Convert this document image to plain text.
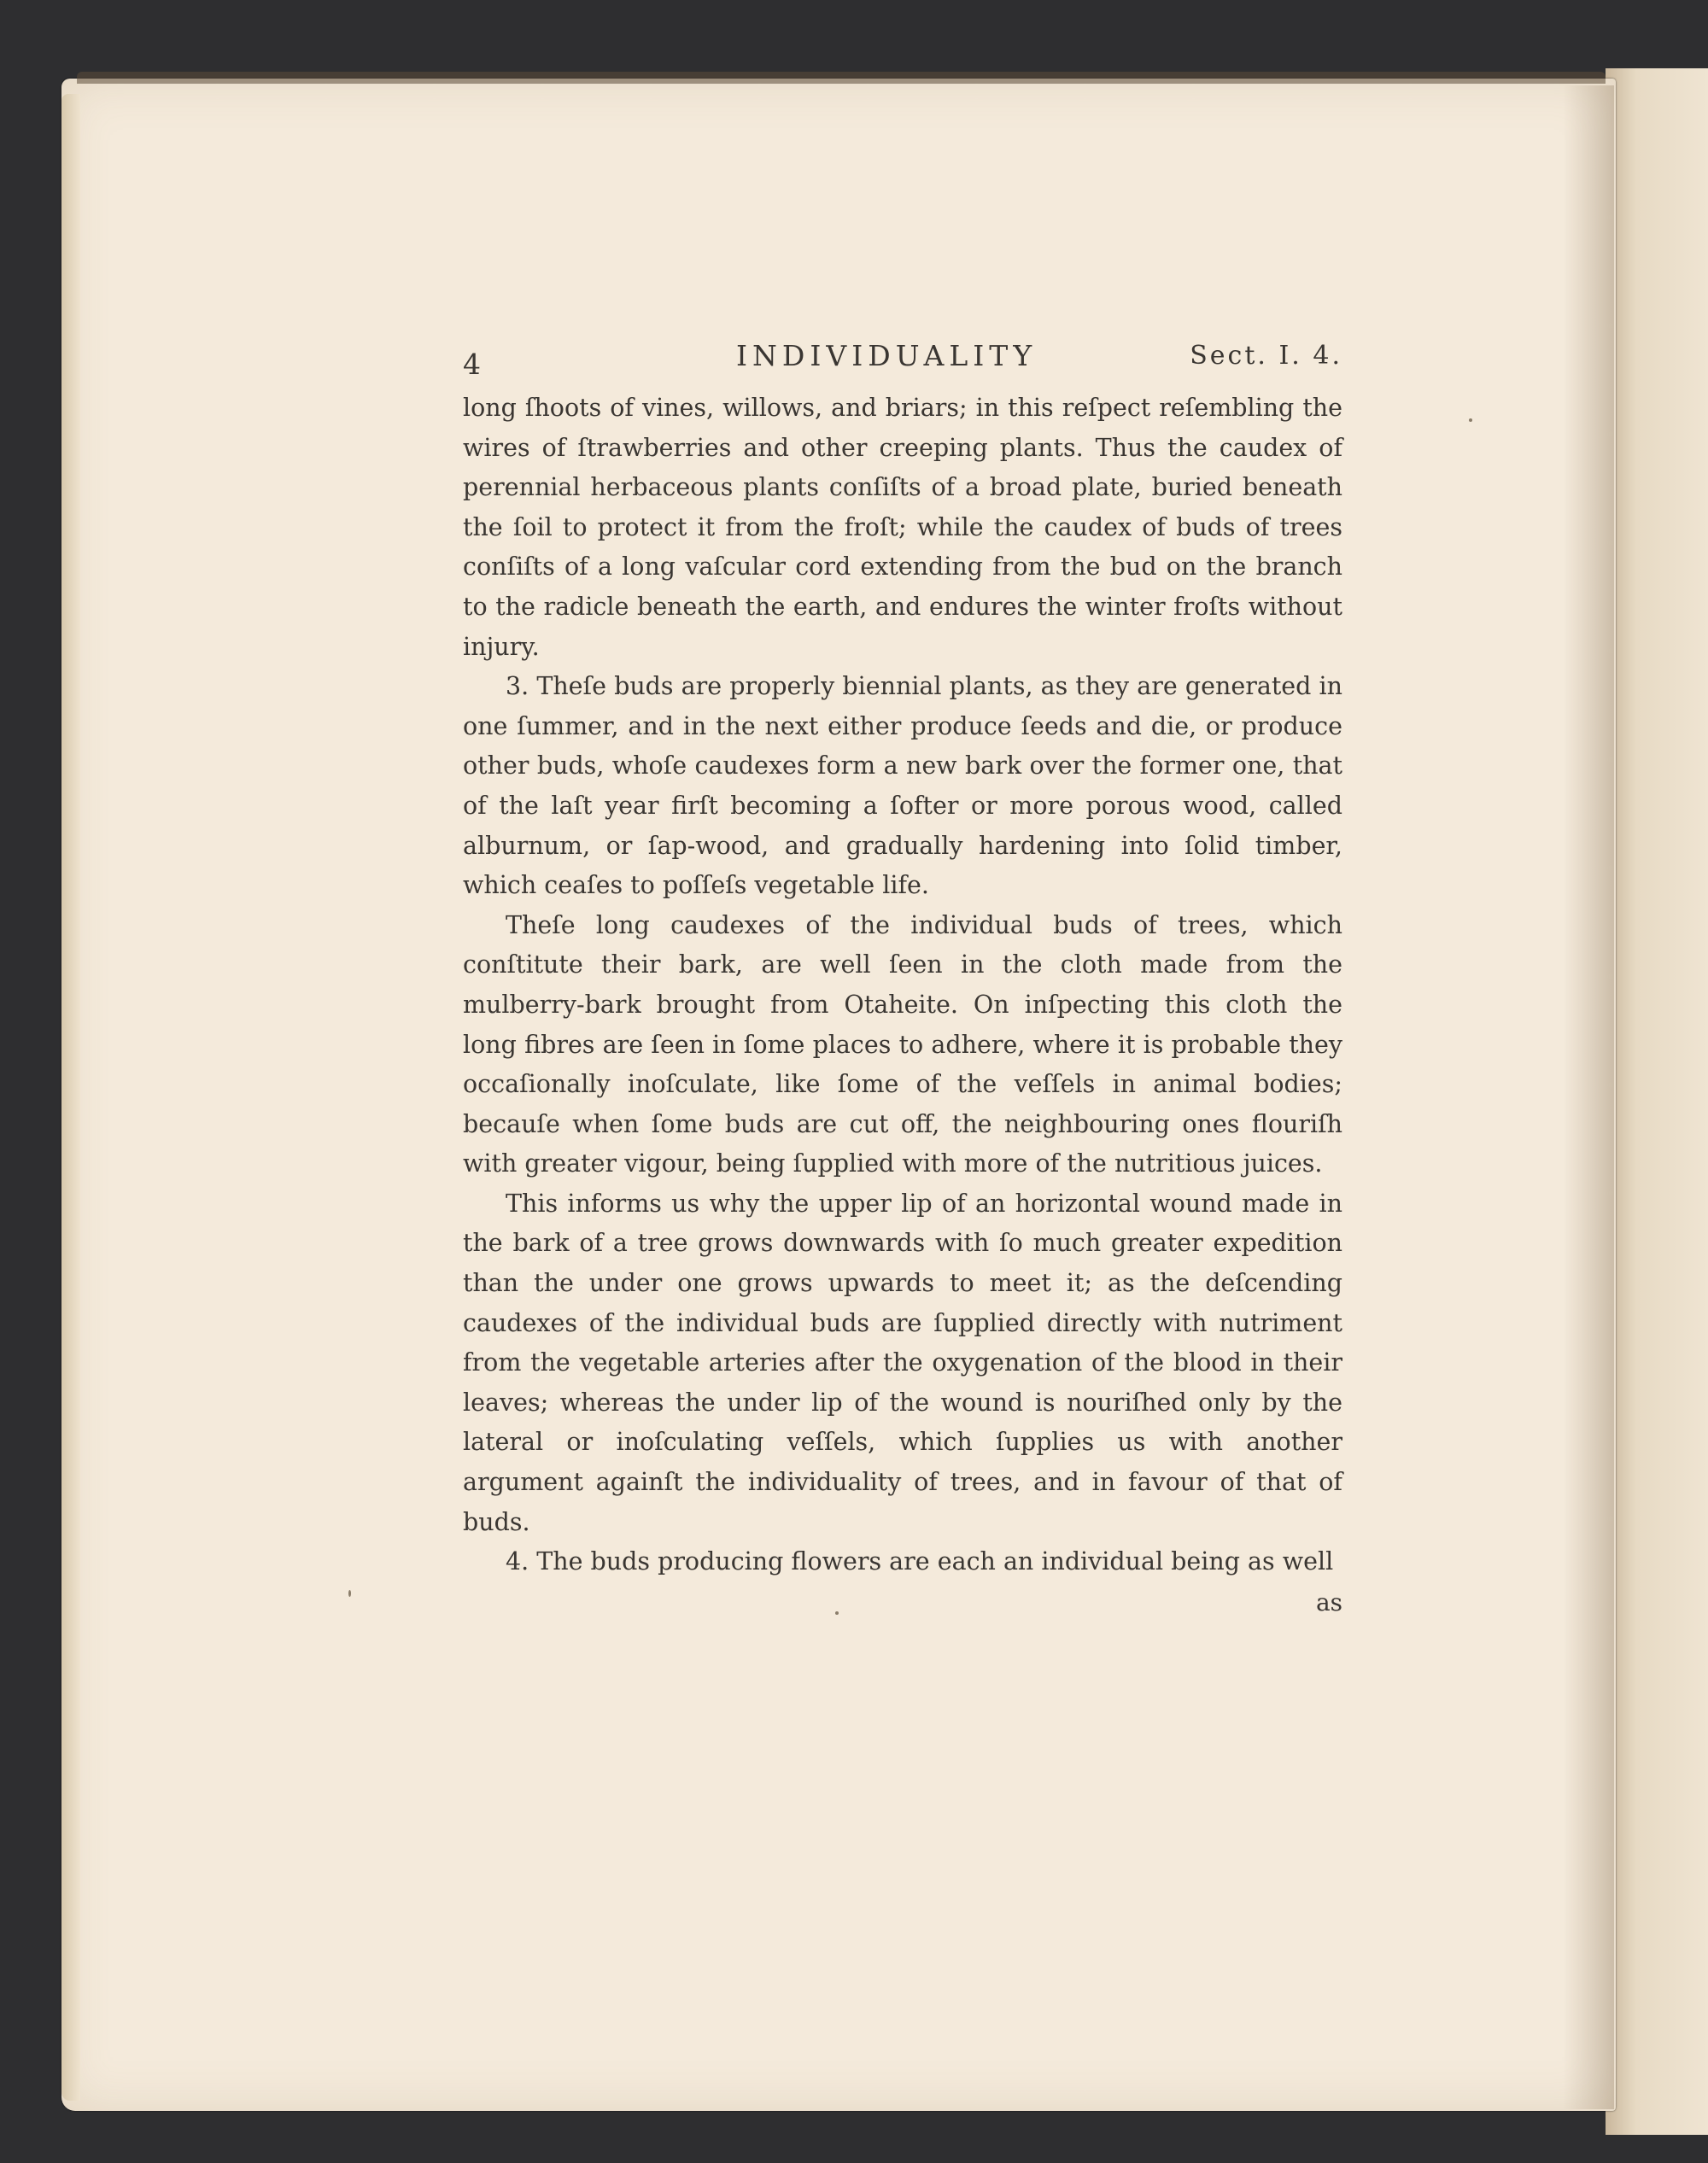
4	INDIVIDUALITY	Sect. I. 4.

long ſhoots of vines, willows, and briars; in this reſpect reſembling the wires of ſtrawberries and other creeping plants. Thus the caudex of perennial herbaceous plants conſiſts of a broad plate, buried beneath the ſoil to protect it from the froſt; while the caudex of buds of trees conſiſts of a long vaſcular cord extending from the bud on the branch to the radicle beneath the earth, and endures the winter froſts without injury.

3. Theſe buds are properly biennial plants, as they are generated in one ſummer, and in the next either produce ſeeds and die, or produce other buds, whoſe caudexes form a new bark over the former one, that of the laſt year firſt becoming a ſofter or more porous wood, called alburnum, or ſap-wood, and gradually hardening into ſolid timber, which ceaſes to poſſeſs vegetable life.

Theſe long caudexes of the individual buds of trees, which conſtitute their bark, are well ſeen in the cloth made from the mulberry-bark brought from Otaheite. On inſpecting this cloth the long fibres are ſeen in ſome places to adhere, where it is probable they occaſionally inoſculate, like ſome of the veſſels in animal bodies; becauſe when ſome buds are cut off, the neighbouring ones flouriſh with greater vigour, being ſupplied with more of the nutritious juices.

This informs us why the upper lip of an horizontal wound made in the bark of a tree grows downwards with ſo much greater expedition than the under one grows upwards to meet it; as the deſcending caudexes of the individual buds are ſupplied directly with nutriment from the vegetable arteries after the oxygenation of the blood in their leaves; whereas the under lip of the wound is nouriſhed only by the lateral or inoſculating veſſels, which ſupplies us with another argument againſt the individuality of trees, and in favour of that of buds.

4. The buds producing flowers are each an individual being as well

as
